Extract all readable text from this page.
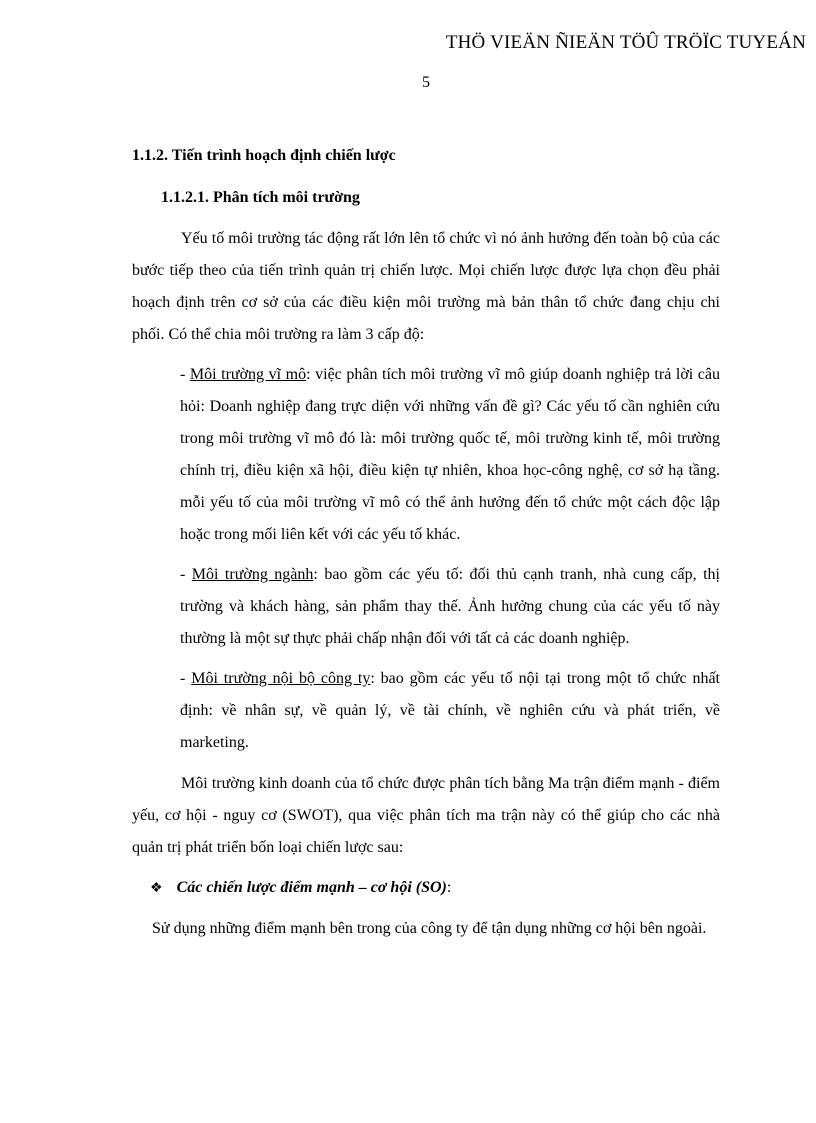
THÖ VIEÄN ÑIEÄN TÖÛ TRÖÏC TUYEÁN
5
1.1.2. Tiến trình hoạch định chiến lược
1.1.2.1. Phân tích môi trường
Yếu tố môi trường tác động rất lớn lên tổ chức vì nó ảnh hưởng đến toàn bộ của các bước tiếp theo của tiến trình quản trị chiến lược. Mọi chiến lược được lựa chọn đều phải hoạch định trên cơ sở của các điều kiện môi trường mà bản thân tổ chức đang chịu chi phối. Có thể chia môi trường ra làm 3 cấp độ:
- Môi trường vĩ mô: việc phân tích môi trường vĩ mô giúp doanh nghiệp trả lời câu hỏi: Doanh nghiệp đang trực diện với những vấn đề gì? Các yếu tố cần nghiên cứu trong môi trường vĩ mô đó là: môi trường quốc tế, môi trường kinh tế, môi trường chính trị, điều kiện xã hội, điều kiện tự nhiên, khoa học-công nghệ, cơ sở hạ tầng. mỗi yếu tố của môi trường vĩ mô có thể ảnh hưởng đến tổ chức một cách độc lập hoặc trong mối liên kết với các yếu tố khác.
- Môi trường ngành: bao gồm các yếu tố: đối thủ cạnh tranh, nhà cung cấp, thị trường và khách hàng, sản phẩm thay thế. Ảnh hưởng chung của các yếu tố này thường là một sự thực phải chấp nhận đối với tất cả các doanh nghiệp.
- Môi trường nội bộ công ty: bao gồm các yếu tố nội tại trong một tổ chức nhất định: về nhân sự, về quản lý, về tài chính, về nghiên cứu và phát triển, về marketing.
Môi trường kinh doanh của tổ chức được phân tích bằng Ma trận điểm mạnh - điểm yếu, cơ hội - nguy cơ (SWOT), qua việc phân tích ma trận này có thể giúp cho các nhà quản trị phát triển bốn loại chiến lược sau:
❖ Các chiến lược điểm mạnh – cơ hội (SO):
Sử dụng những điểm mạnh bên trong của công ty để tận dụng những cơ hội bên ngoài.
